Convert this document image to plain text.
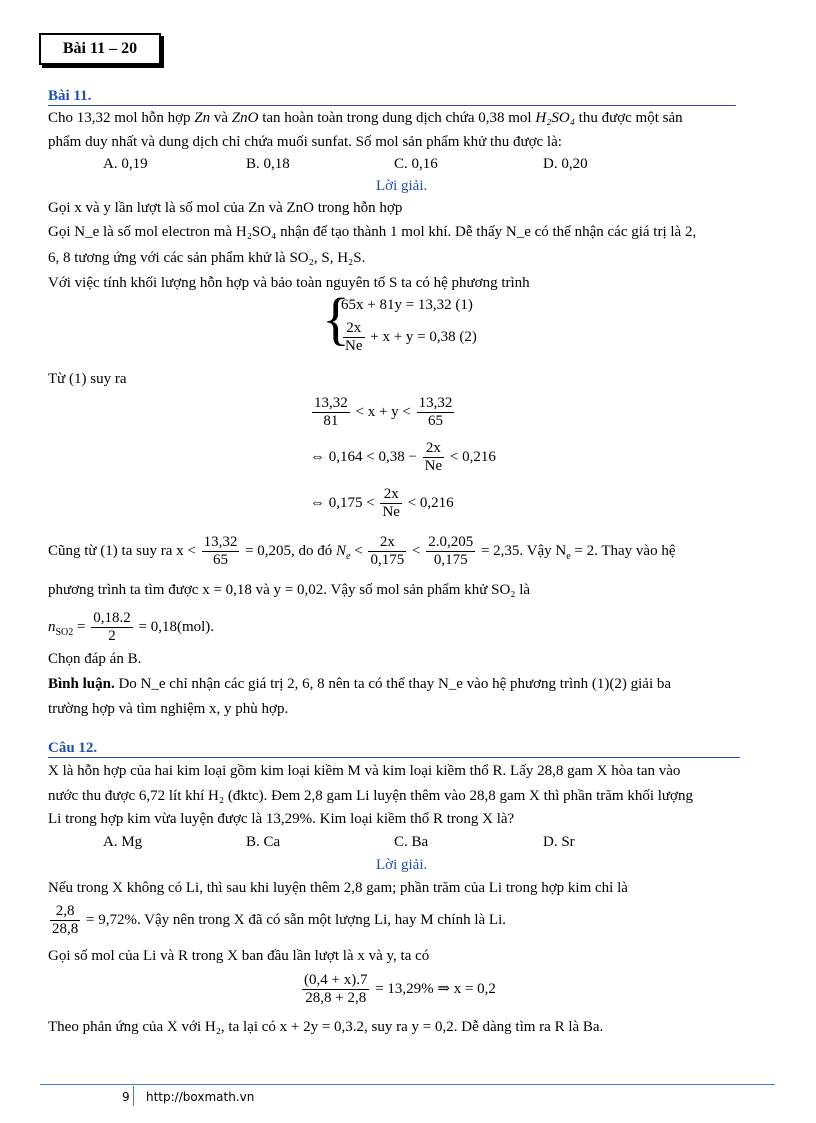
Bài 11 – 20
Bài 11.
Cho 13,32 mol hỗn hợp Zn và ZnO tan hoàn toàn trong dung dịch chứa 0,38 mol H₂SO₄ thu được một sản
phẩm duy nhất và dung dịch chỉ chứa muối sunfat. Số mol sản phẩm khử thu được là:
A. 0,19	B. 0,18	C. 0,16	D. 0,20
Lời giải.
Gọi x và y lần lượt là số mol của Zn và ZnO trong hỗn hợp
Gọi N_e là số mol electron mà H₂SO₄ nhận để tạo thành 1 mol khí. Dễ thấy N_e có thể nhận các giá trị là 2,
6, 8 tương ứng với các sản phẩm khử là SO₂, S, H₂S.
Với việc tính khối lượng hỗn hợp và bảo toàn nguyên tố S ta có hệ phương trình
{
65x + 81y = 13,32 (1)
$\frac{2x}{Ne} + x + y = 0,38$ (2)
Từ (1) suy ra
$\frac{13,32}{81} < x + y < \frac{13,32}{65}$
⇔ $0,164 < 0,38 - \frac{2x}{Ne} < 0,216$
⇔ $0,175 < \frac{2x}{Ne} < 0,216$
Cũng từ (1) ta suy ra $x < \frac{13,32}{65} = 0,205$, do đó $N_e < \frac{2x}{0,175} < \frac{2.0,205}{0,175} = 2,35$. Vậy $N_e = 2$. Thay vào hệ
phương trình ta tìm được x = 0,18 và y = 0,02. Vậy số mol sản phẩm khử SO₂ là
$n_{SO2} = \frac{0,18.2}{2} = 0,18(mol)$.
Chọn đáp án B.
Bình luận. Do N_e chỉ nhận các giá trị 2, 6, 8 nên ta có thể thay N_e vào hệ phương trình (1)(2) giải ba
trường hợp và tìm nghiệm x, y phù hợp.
Câu 12.
X là hỗn hợp của hai kim loại gồm kim loại kiềm M và kim loại kiềm thổ R. Lấy 28,8 gam X hòa tan vào
nước thu được 6,72 lít khí H₂ (đktc). Đem 2,8 gam Li luyện thêm vào 28,8 gam X thì phần trăm khối lượng
Li trong hợp kim vừa luyện được là 13,29%. Kim loại kiềm thổ R trong X là?
A. Mg	B. Ca	C. Ba	D. Sr
Lời giải.
Nếu trong X không có Li, thì sau khi luyện thêm 2,8 gam; phần trăm của Li trong hợp kim chỉ là
$\frac{2,8}{28,8} = 9,72\%$. Vậy nên trong X đã có sẵn một lượng Li, hay M chính là Li.
Gọi số mol của Li và R trong X ban đầu lần lượt là x và y, ta có
$\frac{(0,4 + x).7}{28,8 + 2,8} = 13,29\%$ ⇒ x = 0,2
Theo phản ứng của X với H₂, ta lại có x + 2y = 0,3.2, suy ra y = 0,2. Dễ dàng tìm ra R là Ba.
9 http://boxmath.vn
